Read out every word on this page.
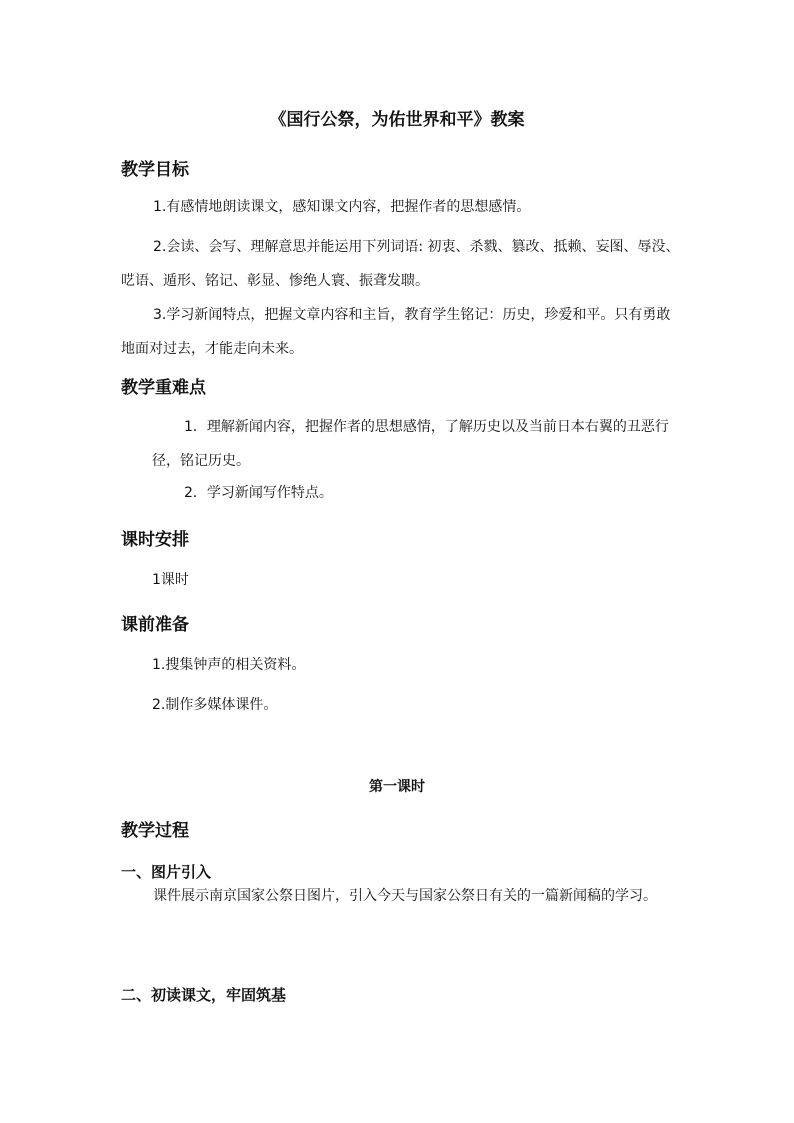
《国行公祭，为佑世界和平》教案
教学目标
1.有感情地朗读课文，感知课文内容，把握作者的思想感情。
2.会读、会写、理解意思并能运用下列词语: 初衷、杀戮、篡改、抵赖、妄图、辱没、呓语、遁形、铭记、彰显、惨绝人寰、振聋发聩。
3.学习新闻特点，把握文章内容和主旨，教育学生铭记：历史，珍爱和平。只有勇敢地面对过去，才能走向未来。
教学重难点
1．理解新闻内容，把握作者的思想感情，了解历史以及当前日本右翼的丑恶行径，铭记历史。
2．学习新闻写作特点。
课时安排
1课时
课前准备
1.搜集钟声的相关资料。
2.制作多媒体课件。
第一课时
教学过程
一、图片引入
课件展示南京国家公祭日图片，引入今天与国家公祭日有关的一篇新闻稿的学习。
二、初读课文，牢固筑基
